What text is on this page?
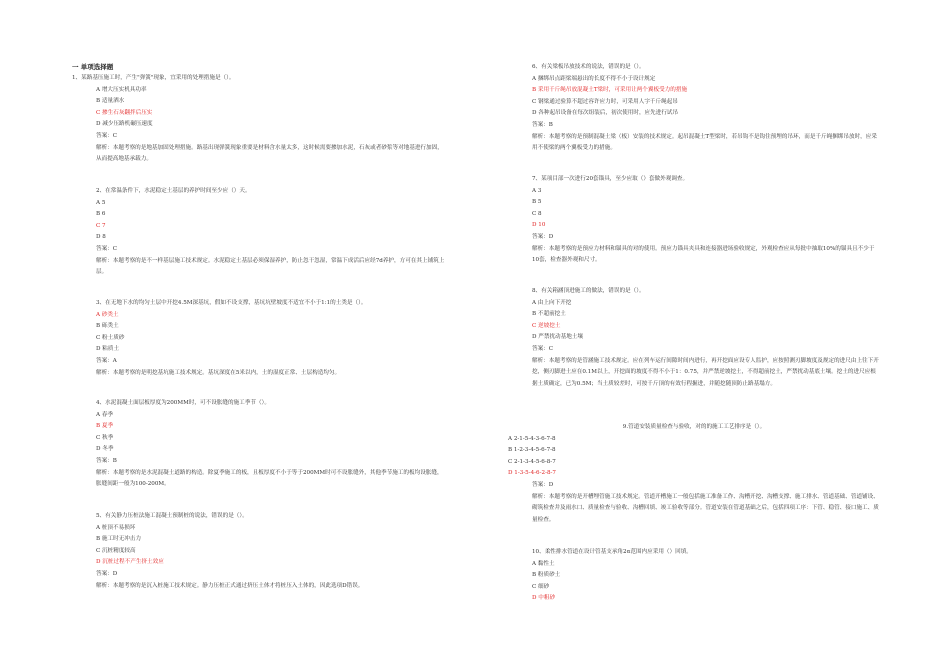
一 单项选择题
1、某路基压施工时，产生"弹簧"现象，宜采用的处理措施是（）。
A 增大压实机具功率
B 适量洒水
C 掺生石灰翻拌后压实
D 减少压路机碾压速度
答案：C
解析：本题考察的是地基加固处理措施。路基出现弹簧现象重要是材料含水量太多，这时候需要掺加水泥，石灰或者砂浆等对地基进行加固，从而提高地基承载力。
2、在常温条件下，水泥稳定土基层的养护时间至少应（）天。
A 5
B 6
C 7
D 8
答案：C
解析：本题考察的是不一样基层施工技术规定。水泥稳定土基层必须保湿养护，防止忽干忽湿，常温下成活后应经7d养护，方可在其上铺筑上层。
3、在无地下水的均匀土层中开挖4.5M深基坑，假如不设支撑，基坑坑壁坡度不适宜不小于1:1的土类是（）。
A 砂类土
B 砾类土
C 粉土质砂
D 粘质土
答案：A
解析：本题考察的是明挖基坑施工技术规定。基坑深度在5米以内，土的湿度正常、土层构造均匀。
4、水泥混凝土面层板厚度为200MM时，可不设胀缝的施工季节（）。
A 春季
B 夏季
C 秋季
D 冬季
答案：B
解析：本题考察的是水泥混凝土道路的构造。除夏季施工的板，且板厚度不小于等于200MM时可不设胀缝外，其他季节施工的板均设胀缝，胀缝间距一般为100-200M。
5、有关静力压桩法施工混凝土预制桩的说法，错误的是（）。
A 桩顶不易损坏
B 施工时无冲击力
C 沉桩精度较高
D 沉桩过程不产生挤土效应
答案：D
解析：本题考察的是沉入桩施工技术规定。静力压桩正式通过挤压土体才将桩压入土体的，因此选项D错误。
6、有关梁板吊放技术的说法，错误的是（）。
A 捆绑吊点距梁端悬出的长度不得不小于设计规定
B 采用千斤绳吊放混凝土T梁时，可采用让两个翼板受力的措施
C 钢梁通过验算不超过容许应力时，可采用人字千斤绳起吊
D 各种起吊设备在每次组装后，初次使用时，应先进行试吊
答案：B
解析：本题考察的是预制混凝土梁（板）安装的技术规定。起吊混凝土T型梁时，若吊钩不是钩住预埋的吊环，而是千斤绳捆绑吊放时，应采用不使梁的两个翼板受力的措施。
7、某项目部一次进行20套锚具，至少应取（）套做外观调查。
A 3
B 5
C 8
D 10
答案：D
解析：本题考察的是预应力材料和锚具的对的使用。预应力锚具夹具和连接器进场验收规定，外观检查应从每批中抽取10%的锚具且不少于10套，检查器外观和尺寸。
8、有关箱涵顶进施工的做法，错误的是（）。
A 由上向下开挖
B 不超前挖土
C 逆坡挖土
D 严禁扰动基地土壤
答案：C
解析：本题考察的是管涵施工技术规定。应在列车运行间隙时间内进行，再开挖面应设专人监护，应按照测刃脚坡度及规定的进尺由上往下开挖，侧刃脚进土应在0.1M以上，开挖面的坡度不得不小于1：0.75，并严禁逆坡挖土，不得超前挖土，严禁扰动基底土壤。挖土的进尺应根据土质确定，已为0.5M；当土质较差时，可按千斤顶的有效行程掘进，并随挖随顶防止路基塌方。
9.管道安装质量检查与验收，对的的施工工艺排序是（）。
A 2-1-5-4-3-6-7-8
B 1-2-3-4-5-6-7-8
C 2-1-3-4-5-6-8-7
D 1-3-5-4-6-2-8-7
答案：D
解析：本题考察的是开槽埋管施工技术规定。管道开槽施工一般包括施工准备工作、沟槽开挖、沟槽支撑、施工排水、管道基础、管道铺设、砌筑检查井及雨水口、质量检查与验收、沟槽回填、竣工验收等部分。管道安装在管道基础之后，包括四项工序：下管、稳管、接口施工、质量检查。
10、柔性排水管道在设计管基支承角2α范围内应采用（）回填。
A 黏性土
B 粉质砂土
C 细砂
D 中粗砂
